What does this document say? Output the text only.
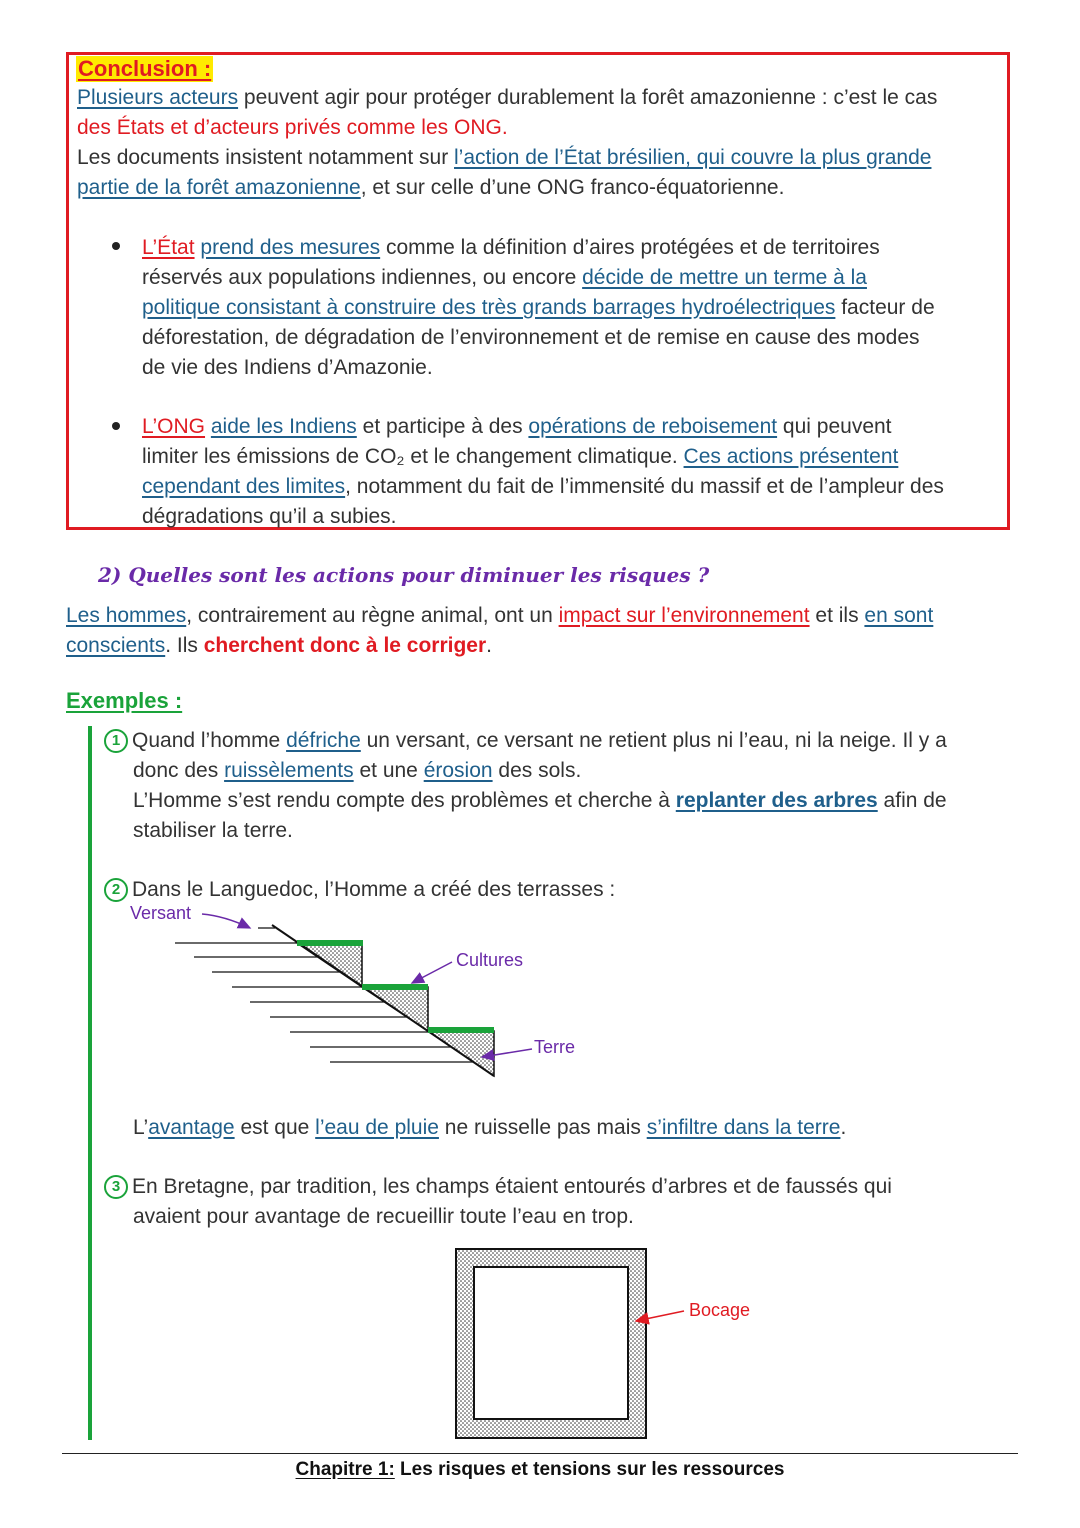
Conclusion :
Plusieurs acteurs peuvent agir pour protéger durablement la forêt amazonienne : c’est le cas
des États et d’acteurs privés comme les ONG.
Les documents insistent notamment sur l’action de l’État brésilien, qui couvre la plus grande
partie de la forêt amazonienne, et sur celle d’une ONG franco-équatorienne.
L’État prend des mesures comme la définition d’aires protégées et de territoires
réservés aux populations indiennes, ou encore décide de mettre un terme à la
politique consistant à construire des très grands barrages hydroélectriques facteur de
déforestation, de dégradation de l’environnement et de remise en cause des modes
de vie des Indiens d’Amazonie.
L’ONG aide les Indiens et participe à des opérations de reboisement qui peuvent
limiter les émissions de CO₂ et le changement climatique. Ces actions présentent
cependant des limites, notamment du fait de l’immensité du massif et de l’ampleur des
dégradations qu’il a subies.
2) Quelles sont les actions pour diminuer les risques ?
Les hommes, contrairement au règne animal, ont un impact sur l’environnement et ils en sont
conscients. Ils cherchent donc à le corriger.
Exemples :
1 Quand l’homme défriche un versant, ce versant ne retient plus ni l’eau, ni la neige. Il y a
donc des ruissèlements et une érosion des sols.
L’Homme s’est rendu compte des problèmes et cherche à replanter des arbres afin de
stabiliser la terre.
2 Dans le Languedoc, l’Homme a créé des terrasses :
Versant
Cultures
Terre
L’avantage est que l’eau de pluie ne ruisselle pas mais s’infiltre dans la terre.
3 En Bretagne, par tradition, les champs étaient entourés d’arbres et de faussés qui
avaient pour avantage de recueillir toute l’eau en trop.
Bocage
Chapitre 1: Les risques et tensions sur les ressources
